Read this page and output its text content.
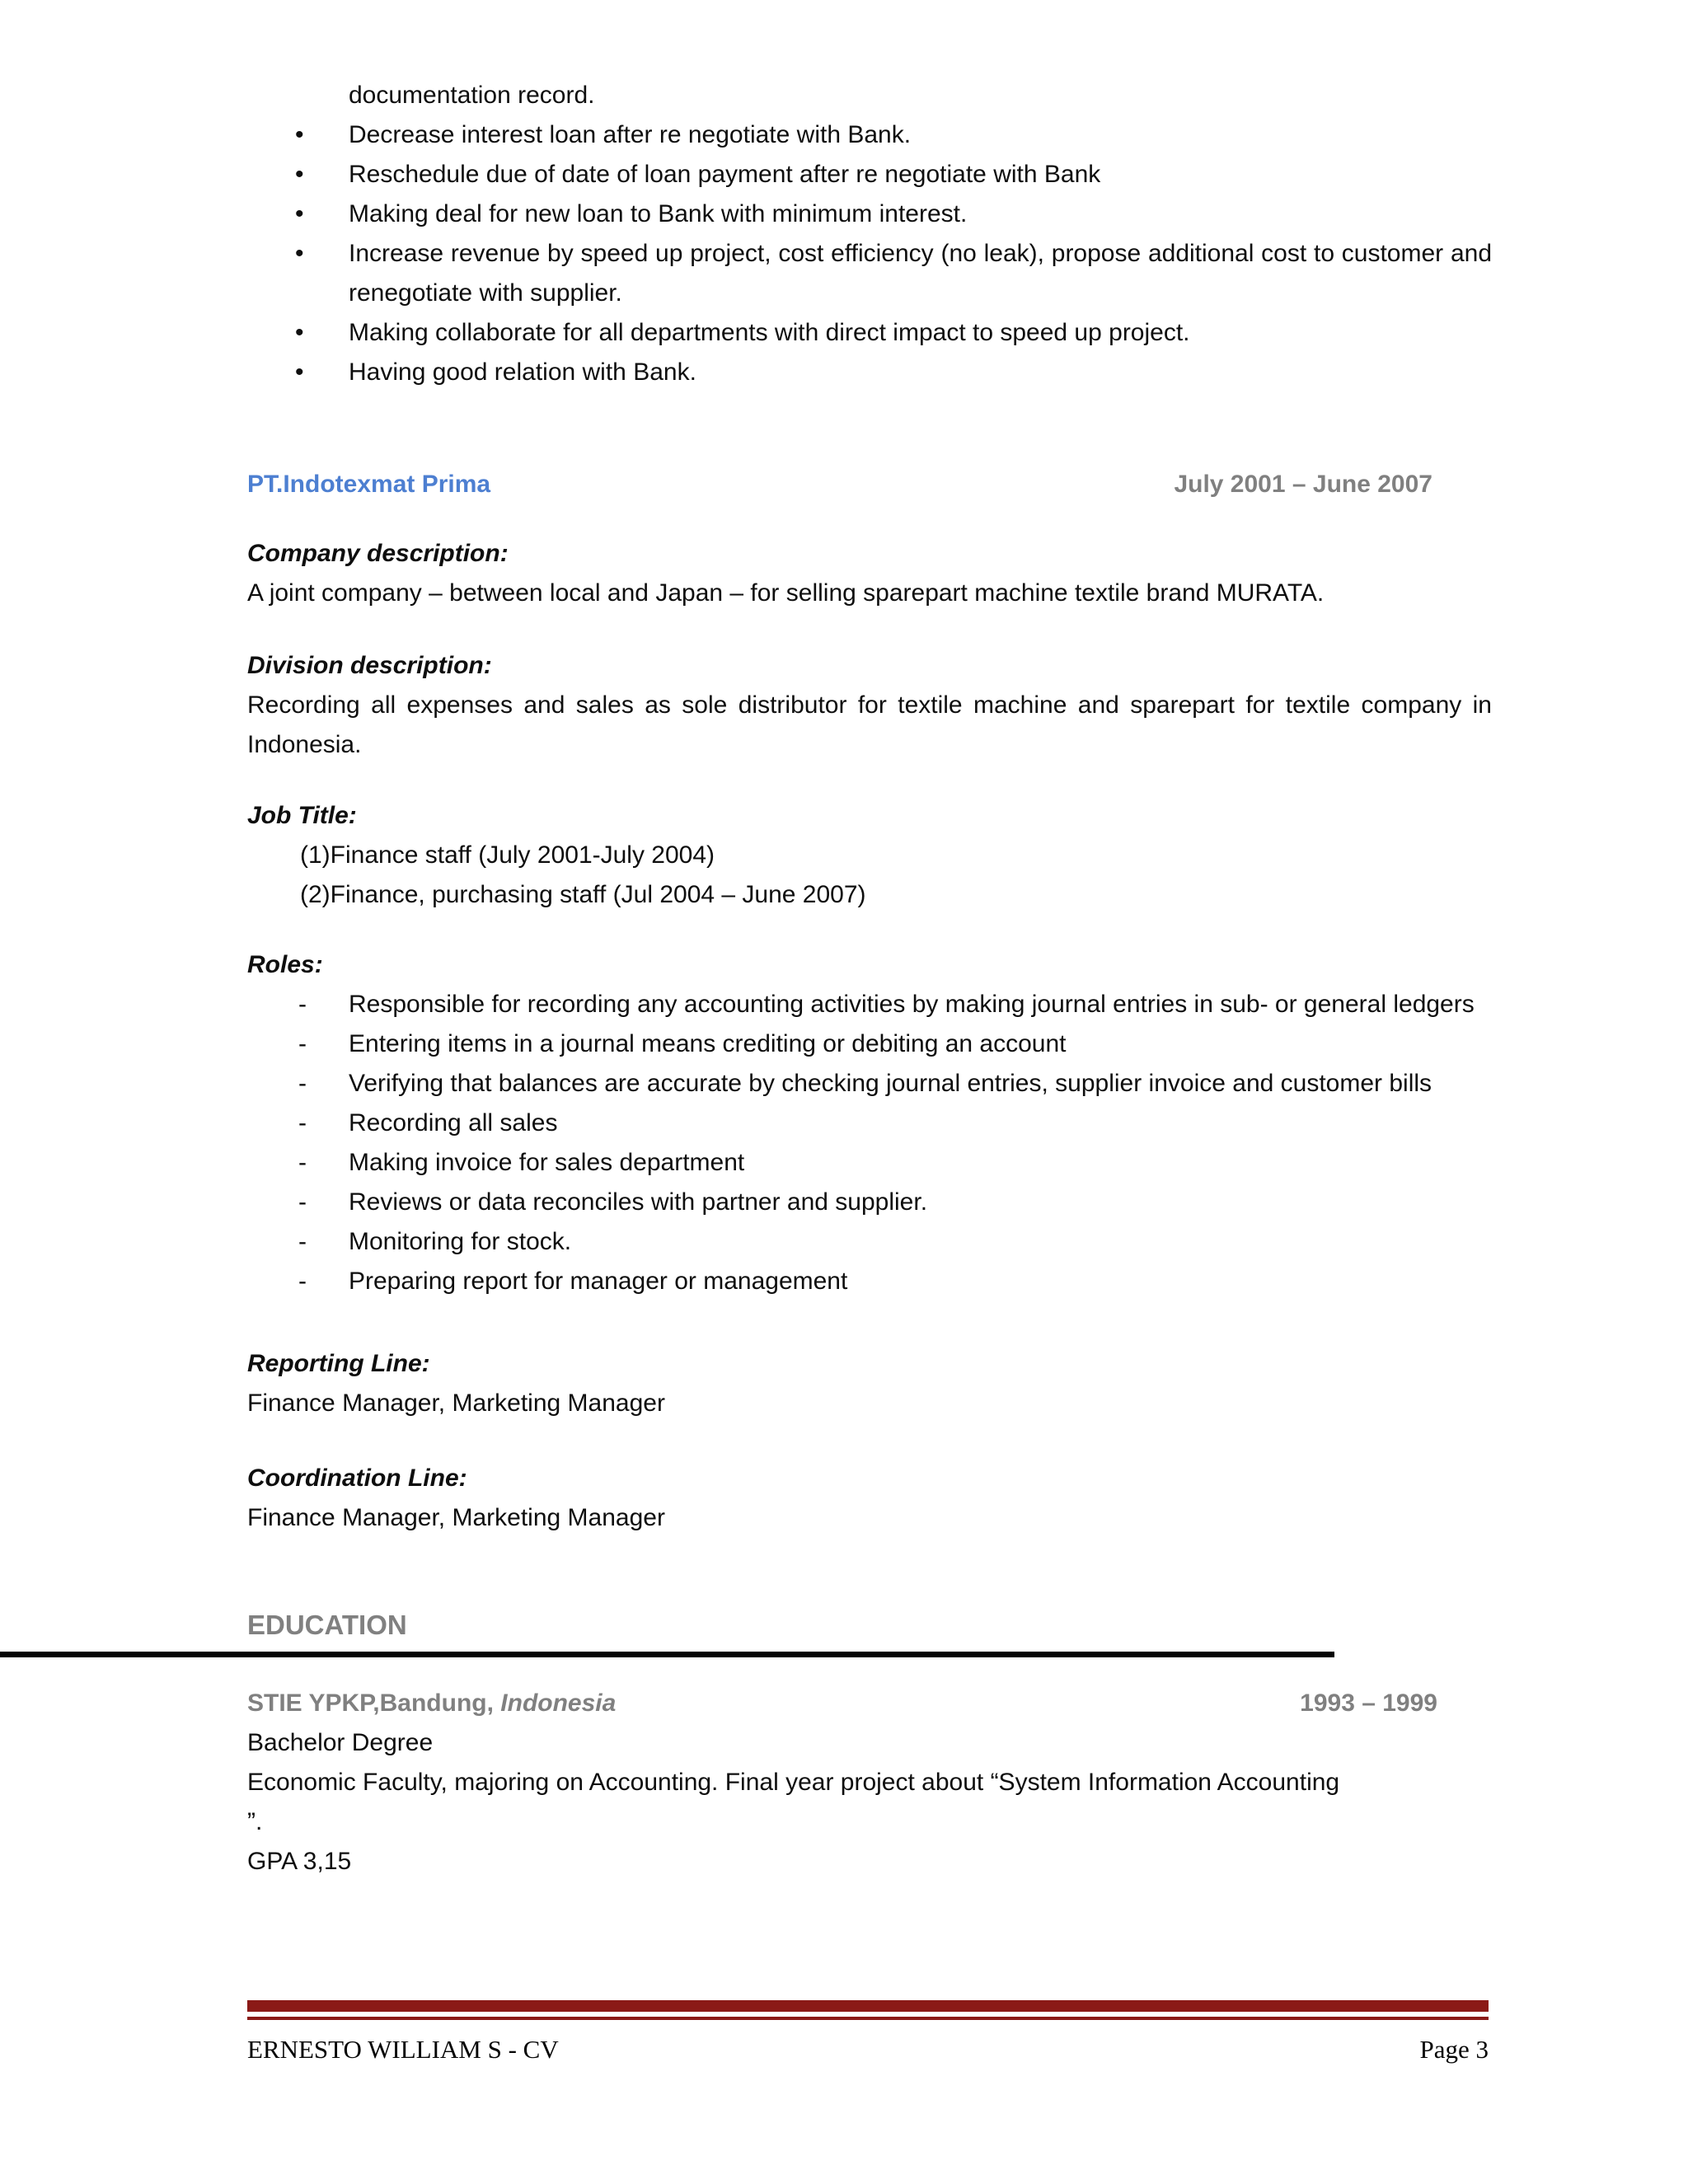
documentation record.
• Decrease interest loan after re negotiate with Bank.
• Reschedule due of date of loan payment after re negotiate with Bank
• Making deal for new loan to Bank with minimum interest.
• Increase revenue by speed up project, cost efficiency (no leak), propose additional cost to customer and renegotiate with supplier.
• Making collaborate for all departments with direct impact to speed up project.
• Having good relation with Bank.
PT.Indotexmat Prima	July 2001 – June 2007
Company description:

A joint company – between local and Japan – for selling sparepart machine textile brand MURATA.

Division description:

Recording all expenses and sales as sole distributor for textile machine and sparepart for textile company in Indonesia.

Job Title:
(1)Finance staff (July 2001-July 2004)
(2)Finance, purchasing staff (Jul 2004 – June 2007)
Roles:
- Responsible for recording any accounting activities by making journal entries in sub- or general ledgers
- Entering items in a journal means crediting or debiting an account
- Verifying that balances are accurate by checking journal entries, supplier invoice and customer bills
- Recording all sales
- Making invoice for sales department
- Reviews or data reconciles with partner and supplier.
- Monitoring for stock.
- Preparing report for manager or management
Reporting Line:

Finance Manager, Marketing Manager

Coordination Line:

Finance Manager, Marketing Manager

EDUCATION
STIE YPKP,Bandung, Indonesia	1993 – 1999

Bachelor Degree

Economic Faculty, majoring on Accounting. Final year project about “System Information Accounting
”.

GPA 3,15

ERNESTO WILLIAM S - CV	Page 3
